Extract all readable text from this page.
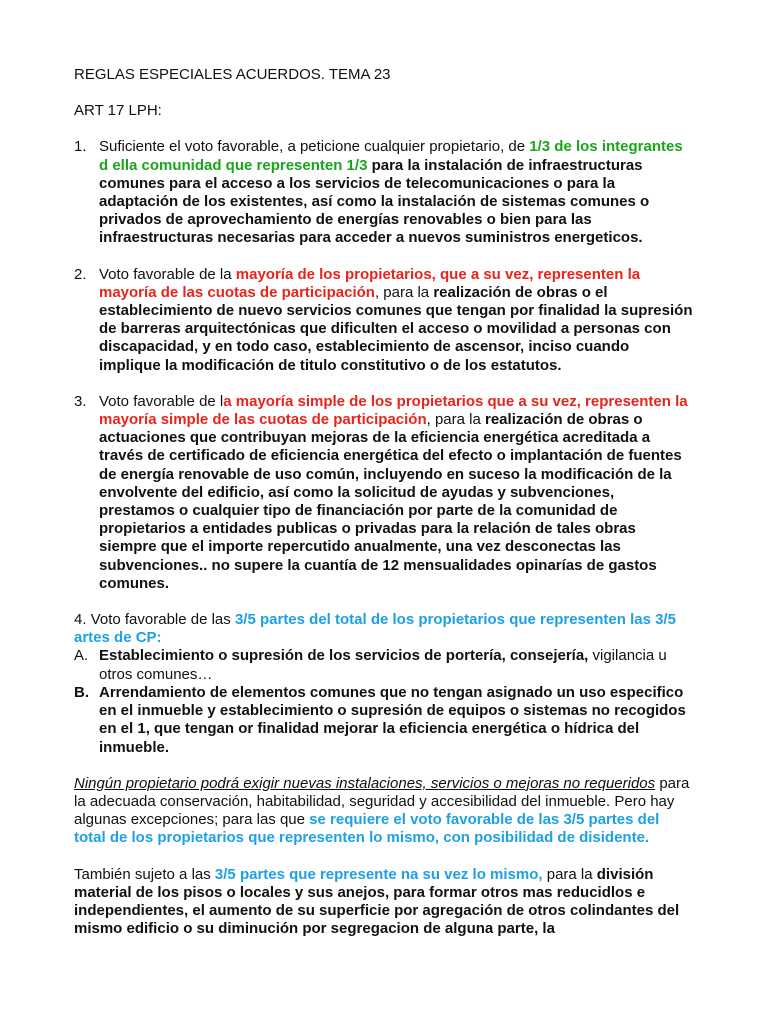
REGLAS ESPECIALES ACUERDOS. TEMA 23

ART 17 LPH:

1. Suficiente el voto favorable, a peticione cualquier propietario, de 1/3 de los integrantes d ella comunidad que representen 1/3 para la instalación de infraestructuras comunes para el acceso a los servicios de telecomunicaciones o para la adaptación de los existentes, así como la instalación de sistemas comunes o privados de aprovechamiento de energías renovables o bien para las infraestructuras necesarias para acceder a nuevos suministros energeticos.

2. Voto favorable de la mayoría de los propietarios, que a su vez, representen la mayoría de las cuotas de participación, para la realización de obras o el establecimiento de nuevo servicios comunes que tengan por finalidad la supresión de barreras arquitectónicas que dificulten el acceso o movilidad a personas con discapacidad, y en todo caso, establecimiento de ascensor, inciso cuando implique la modificación de titulo constitutivo o de los estatutos.

3. Voto favorable de la mayoría simple de los propietarios que a su vez, representen la mayoría simple de las cuotas de participación, para la realización de obras o actuaciones que contribuyan mejoras de la eficiencia energética acreditada a través de certificado de eficiencia energética del efecto o implantación de fuentes de energía renovable de uso común, incluyendo en suceso la modificación de la envolvente del edificio, así como la solicitud de ayudas y subvenciones, prestamos o cualquier tipo de financiación por parte de la comunidad de propietarios a entidades publicas o privadas para la relación de tales obras siempre que el importe repercutido anualmente, una vez desconectas las subvenciones.. no supere la cuantía de 12 mensualidades opinarías de gastos comunes.

4. Voto favorable de las 3/5 partes del total de los propietarios que representen las 3/5 artes de CP:

A. Establecimiento o supresión de los servicios de portería, consejería, vigilancia u otros comunes…

B. Arrendamiento de elementos comunes que no tengan asignado un uso especifico en el inmueble y establecimiento o supresión de equipos o sistemas no recogidos en el 1, que tengan or finalidad mejorar la eficiencia energética o hídrica del inmueble.

Ningún propietario podrá exigir nuevas instalaciones, servicios o mejoras no requeridos para la adecuada conservación, habitabilidad, seguridad y accesibilidad del inmueble. Pero hay algunas excepciones; para las que se requiere el voto favorable de las 3/5 partes del total de los propietarios que representen lo mismo, con posibilidad de disidente.

También sujeto a las 3/5 partes que represente na su vez lo mismo, para la división material de los pisos o locales y sus anejos, para formar otros mas reducidlos e independientes, el aumento de su superficie por agregación de otros colindantes del mismo edificio o su diminución por segregacion de alguna parte, la
